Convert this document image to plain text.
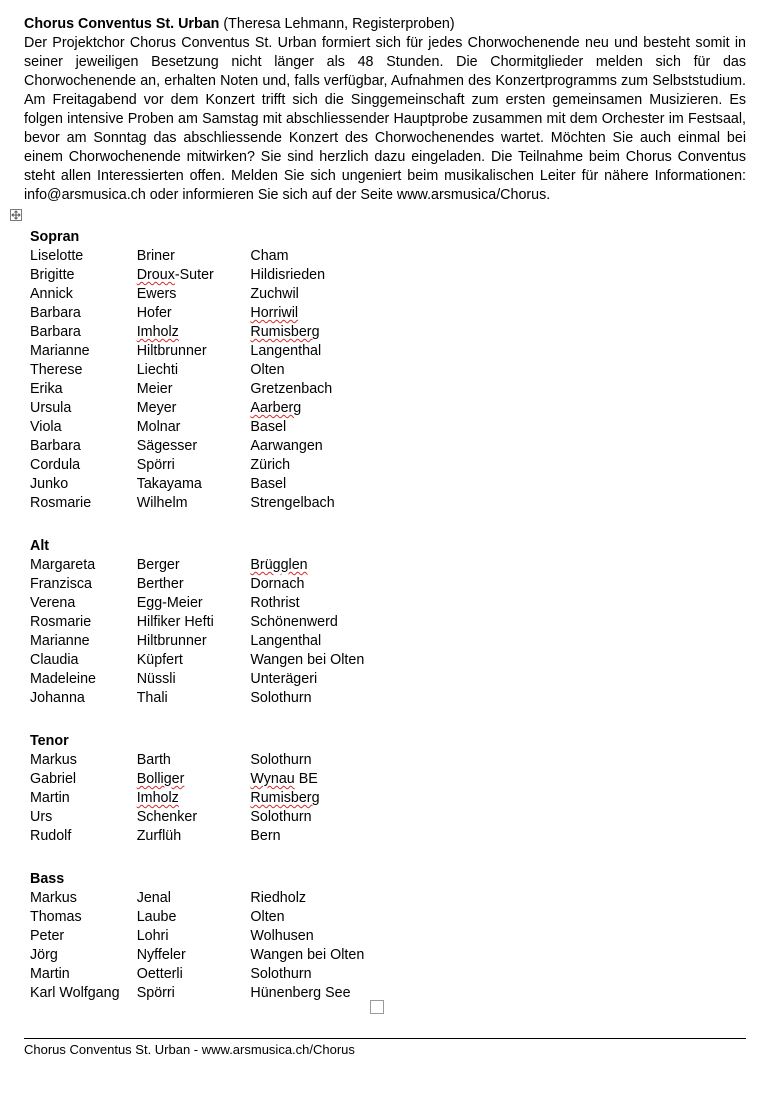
Chorus Conventus St. Urban (Theresa Lehmann, Registerproben)
Der Projektchor Chorus Conventus St. Urban formiert sich für jedes Chorwochenende neu und besteht somit in seiner jeweiligen Besetzung nicht länger als 48 Stunden. Die Chormitglieder melden sich für das Chorwochenende an, erhalten Noten und, falls verfügbar, Aufnahmen des Konzertprogramms zum Selbststudium. Am Freitagabend vor dem Konzert trifft sich die Singgemeinschaft zum ersten gemeinsamen Musizieren. Es folgen intensive Proben am Samstag mit abschliessender Hauptprobe zusammen mit dem Orchester im Festsaal, bevor am Sonntag das abschliessende Konzert des Chorwochenendes wartet. Möchten Sie auch einmal bei einem Chorwochenende mitwirken? Sie sind herzlich dazu eingeladen. Die Teilnahme beim Chorus Conventus steht allen Interessierten offen. Melden Sie sich ungeniert beim musikalischen Leiter für nähere Informationen: info@arsmusica.ch oder informieren Sie sich auf der Seite www.arsmusica/Chorus.
Sopran
Liselotte	Briner	Cham
Brigitte	Droux-Suter	Hildisrieden
Annick	Ewers	Zuchwil
Barbara	Hofer	Horriwil
Barbara	Imholz	Rumisberg
Marianne	Hiltbrunner	Langenthal
Therese	Liechti	Olten
Erika	Meier	Gretzenbach
Ursula	Meyer	Aarberg
Viola	Molnar	Basel
Barbara	Sägesser	Aarwangen
Cordula	Spörri	Zürich
Junko	Takayama	Basel
Rosmarie	Wilhelm	Strengelbach
Alt
Margareta	Berger	Brügglen
Franzisca	Berther	Dornach
Verena	Egg-Meier	Rothrist
Rosmarie	Hilfiker Hefti	Schönenwerd
Marianne	Hiltbrunner	Langenthal
Claudia	Küpfert	Wangen bei Olten
Madeleine	Nüssli	Unterägeri
Johanna	Thali	Solothurn
Tenor
Markus	Barth	Solothurn
Gabriel	Bolliger	Wynau BE
Martin	Imholz	Rumisberg
Urs	Schenker	Solothurn
Rudolf	Zurflüh	Bern
Bass
Markus	Jenal	Riedholz
Thomas	Laube	Olten
Peter	Lohri	Wolhusen
Jörg	Nyffeler	Wangen bei Olten
Martin	Oetterli	Solothurn
Karl Wolfgang	Spörri	Hünenberg See
Chorus Conventus St. Urban - www.arsmusica.ch/Chorus
